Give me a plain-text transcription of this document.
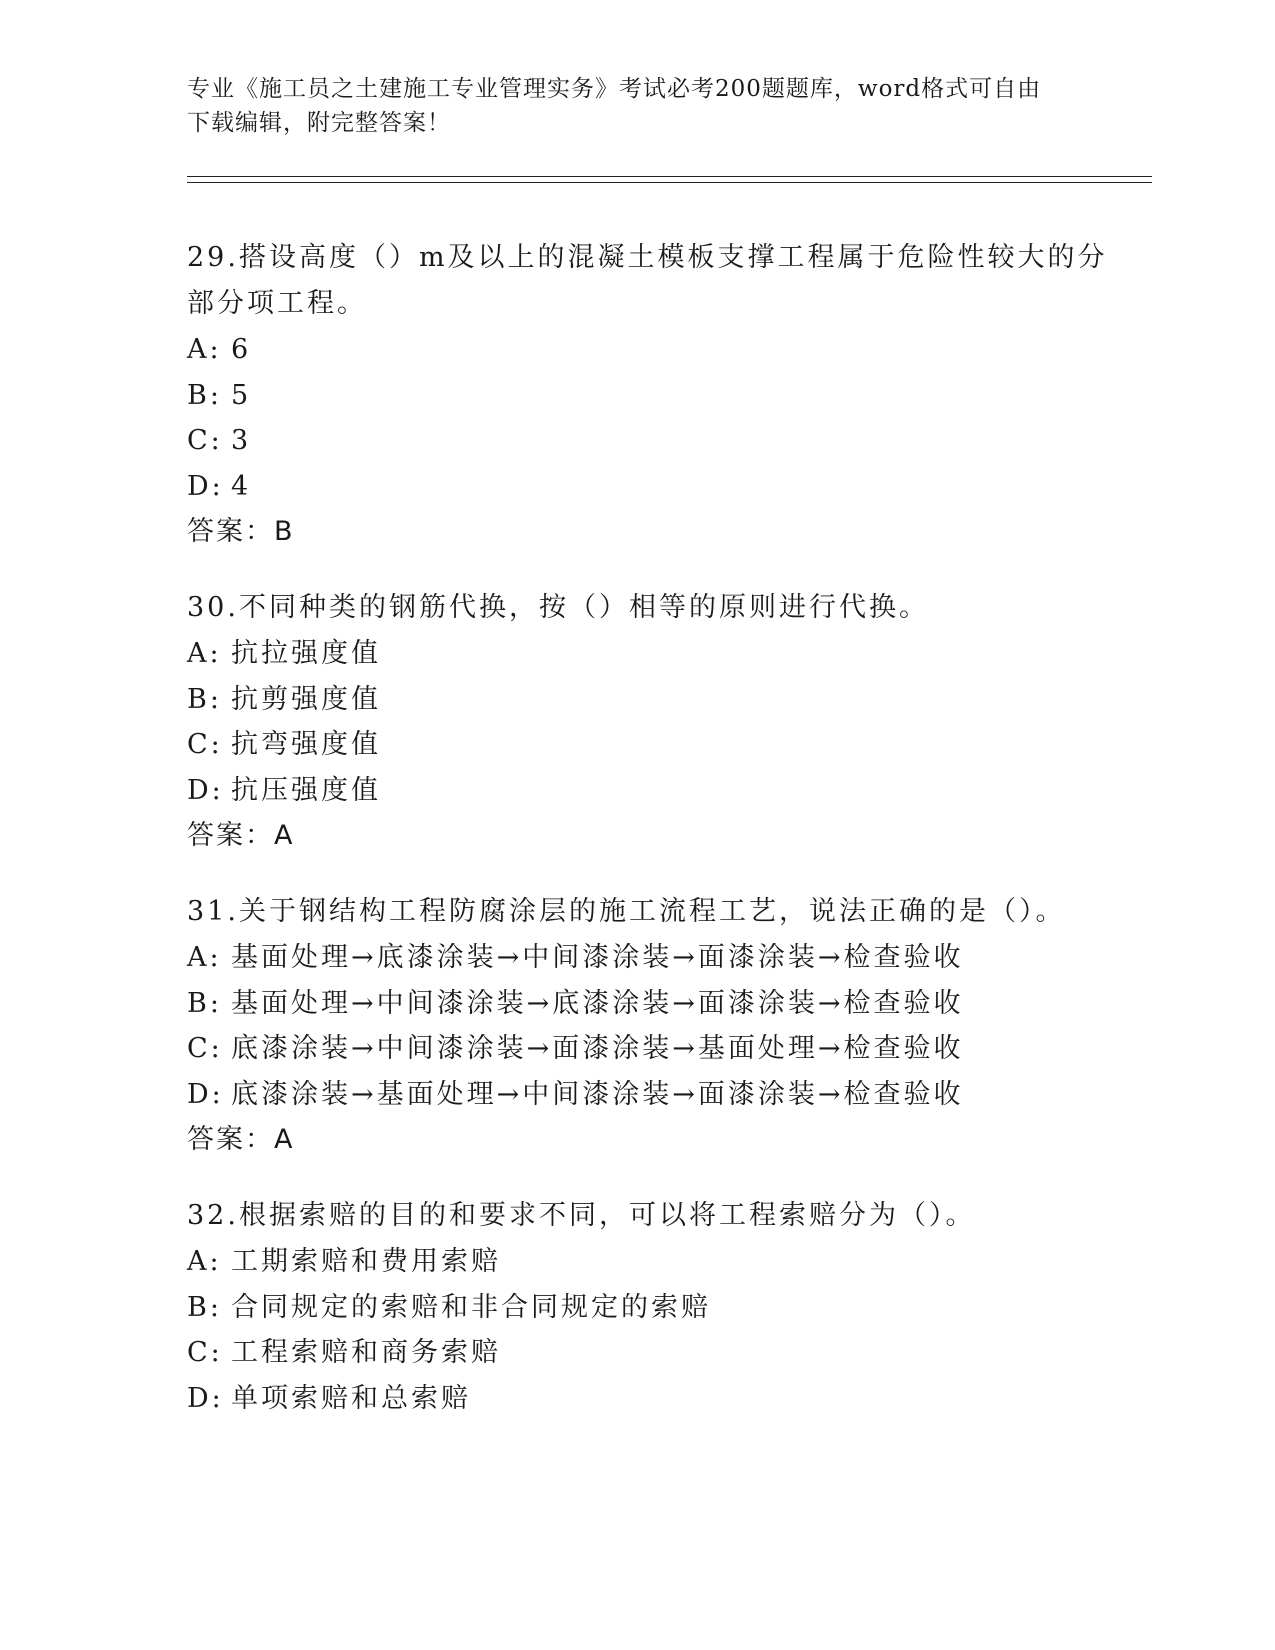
专业《施工员之土建施工专业管理实务》考试必考200题题库，word格式可自由
下载编辑，附完整答案！
29.搭设高度（）m及以上的混凝土模板支撑工程属于危险性较大的分部分项工程。
A: 6
B: 5
C: 3
D: 4
答案：B
30.不同种类的钢筋代换，按（）相等的原则进行代换。
A: 抗拉强度值
B: 抗剪强度值
C: 抗弯强度值
D: 抗压强度值
答案：A
31.关于钢结构工程防腐涂层的施工流程工艺，说法正确的是（）。
A: 基面处理→底漆涂装→中间漆涂装→面漆涂装→检查验收
B: 基面处理→中间漆涂装→底漆涂装→面漆涂装→检查验收
C: 底漆涂装→中间漆涂装→面漆涂装→基面处理→检查验收
D: 底漆涂装→基面处理→中间漆涂装→面漆涂装→检查验收
答案：A
32.根据索赔的目的和要求不同，可以将工程索赔分为（）。
A: 工期索赔和费用索赔
B: 合同规定的索赔和非合同规定的索赔
C: 工程索赔和商务索赔
D: 单项索赔和总索赔
